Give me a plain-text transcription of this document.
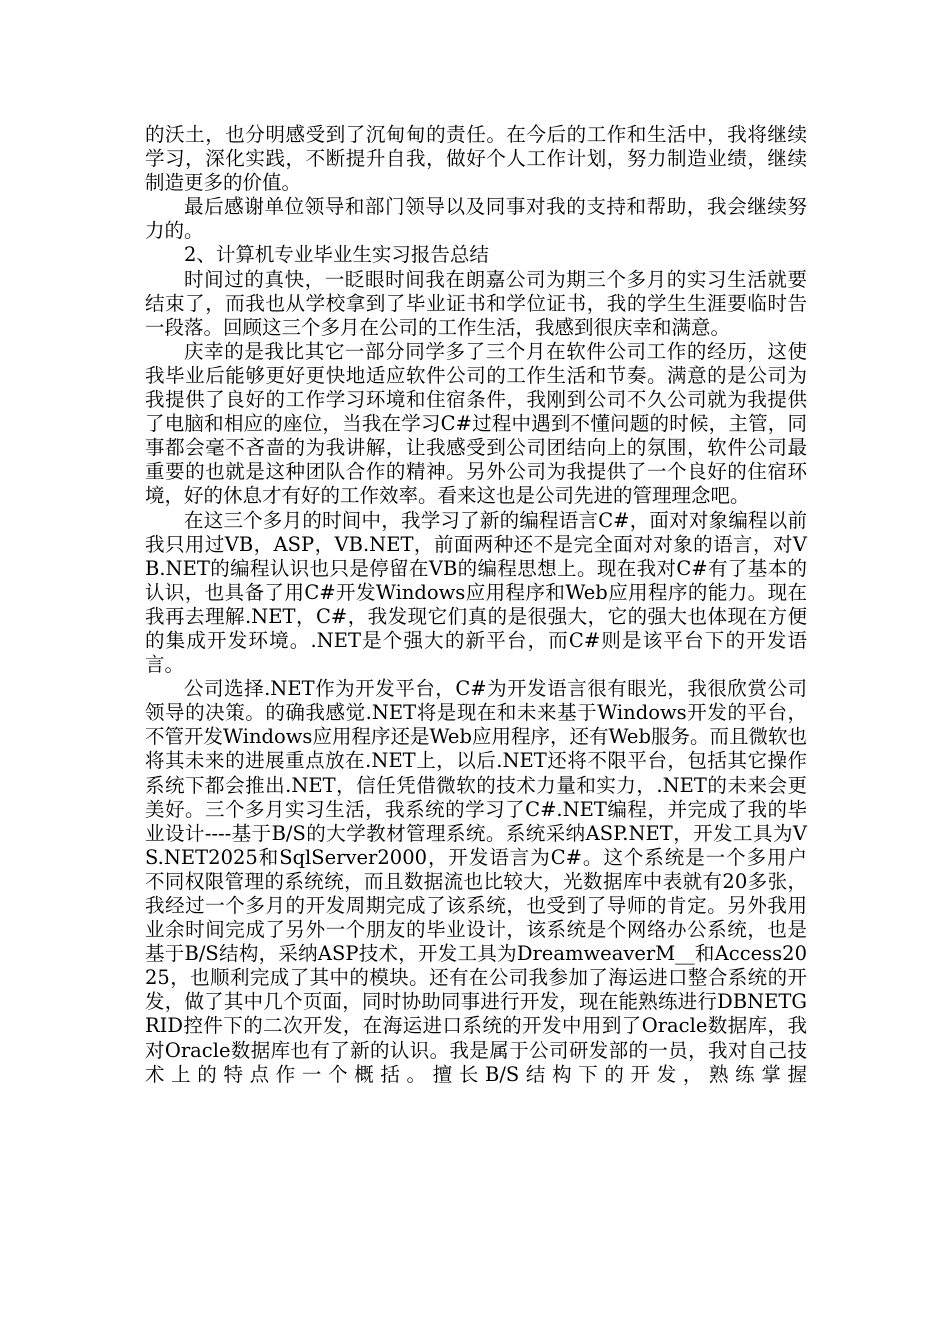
的沃土，也分明感受到了沉甸甸的责任。在今后的工作和生活中，我将继续学习，深化实践，不断提升自我，做好个人工作计划，努力制造业绩，继续制造更多的价值。

最后感谢单位领导和部门领导以及同事对我的支持和帮助，我会继续努力的。

2、计算机专业毕业生实习报告总结

时间过的真快，一眨眼时间我在朗嘉公司为期三个多月的实习生活就要结束了，而我也从学校拿到了毕业证书和学位证书，我的学生生涯要临时告一段落。回顾这三个多月在公司的工作生活，我感到很庆幸和满意。

庆幸的是我比其它一部分同学多了三个月在软件公司工作的经历，这使我毕业后能够更好更快地适应软件公司的工作生活和节奏。满意的是公司为我提供了良好的工作学习环境和住宿条件，我刚到公司不久公司就为我提供了电脑和相应的座位，当我在学习C#过程中遇到不懂问题的时候，主管，同事都会毫不吝啬的为我讲解，让我感受到公司团结向上的氛围，软件公司最重要的也就是这种团队合作的精神。另外公司为我提供了一个良好的住宿环境，好的休息才有好的工作效率。看来这也是公司先进的管理理念吧。

在这三个多月的时间中，我学习了新的编程语言C#，面对对象编程以前我只用过VB，ASP，VB.NET，前面两种还不是完全面对对象的语言，对VB.NET的编程认识也只是停留在VB的编程思想上。现在我对C#有了基本的认识，也具备了用C#开发Windows应用程序和Web应用程序的能力。现在我再去理解.NET，C#，我发现它们真的是很强大，它的强大也体现在方便的集成开发环境。.NET是个强大的新平台，而C#则是该平台下的开发语言。

公司选择.NET作为开发平台，C#为开发语言很有眼光，我很欣赏公司领导的决策。的确我感觉.NET将是现在和未来基于Windows开发的平台，不管开发Windows应用程序还是Web应用程序，还有Web服务。而且微软也将其未来的进展重点放在.NET上，以后.NET还将不限平台，包括其它操作系统下都会推出.NET，信任凭借微软的技术力量和实力，.NET的未来会更美好。三个多月实习生活，我系统的学习了C#.NET编程，并完成了我的毕业设计----基于B/S的大学教材管理系统。系统采纳ASP.NET，开发工具为VS.NET2025和SqlServer2000，开发语言为C#。这个系统是一个多用户不同权限管理的系统统，而且数据流也比较大，光数据库中表就有20多张，我经过一个多月的开发周期完成了该系统，也受到了导师的肯定。另外我用业余时间完成了另外一个朋友的毕业设计，该系统是个网络办公系统，也是基于B/S结构，采纳ASP技术，开发工具为DreamweaverM__和Access2025，也顺利完成了其中的模块。还有在公司我参加了海运进口整合系统的开发，做了其中几个页面，同时协助同事进行开发，现在能熟练进行DBNETGRID控件下的二次开发，在海运进口系统的开发中用到了Oracle数据库，我对Oracle数据库也有了新的认识。我是属于公司研发部的一员，我对自己技术上的特点作一个概括。擅长B/S结构下的开发，熟练掌握
